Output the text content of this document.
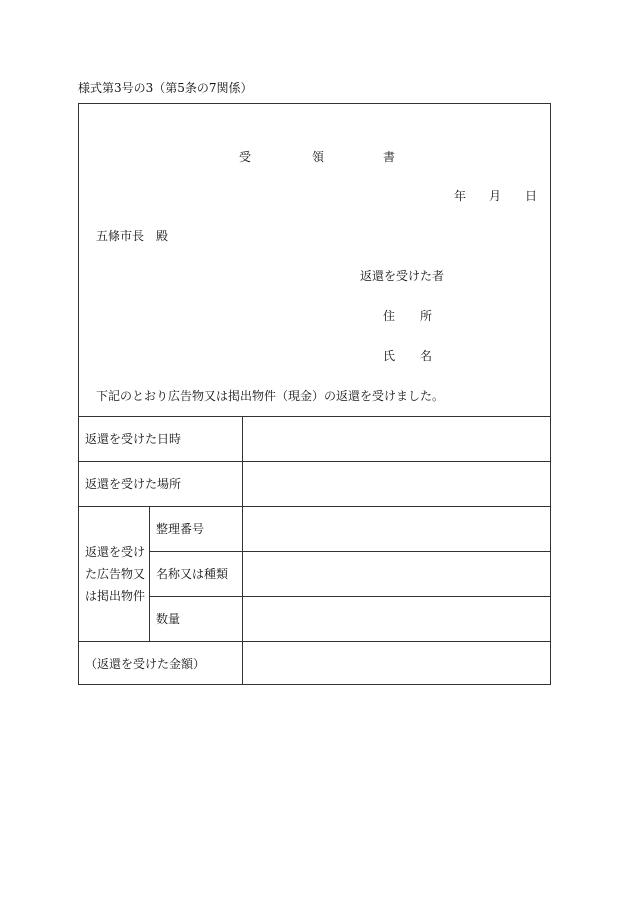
様式第3号の3（第5条の7関係）
受	領	書
年 月 日
五條市長　殿
返還を受けた者
住 所
氏 名
下記のとおり広告物又は掲出物件（現金）の返還を受けました。
返還を受けた日時
返還を受けた場所
返還を受けた広告物又は掲出物件
整理番号
名称又は種類
数量
（返還を受けた金額）
